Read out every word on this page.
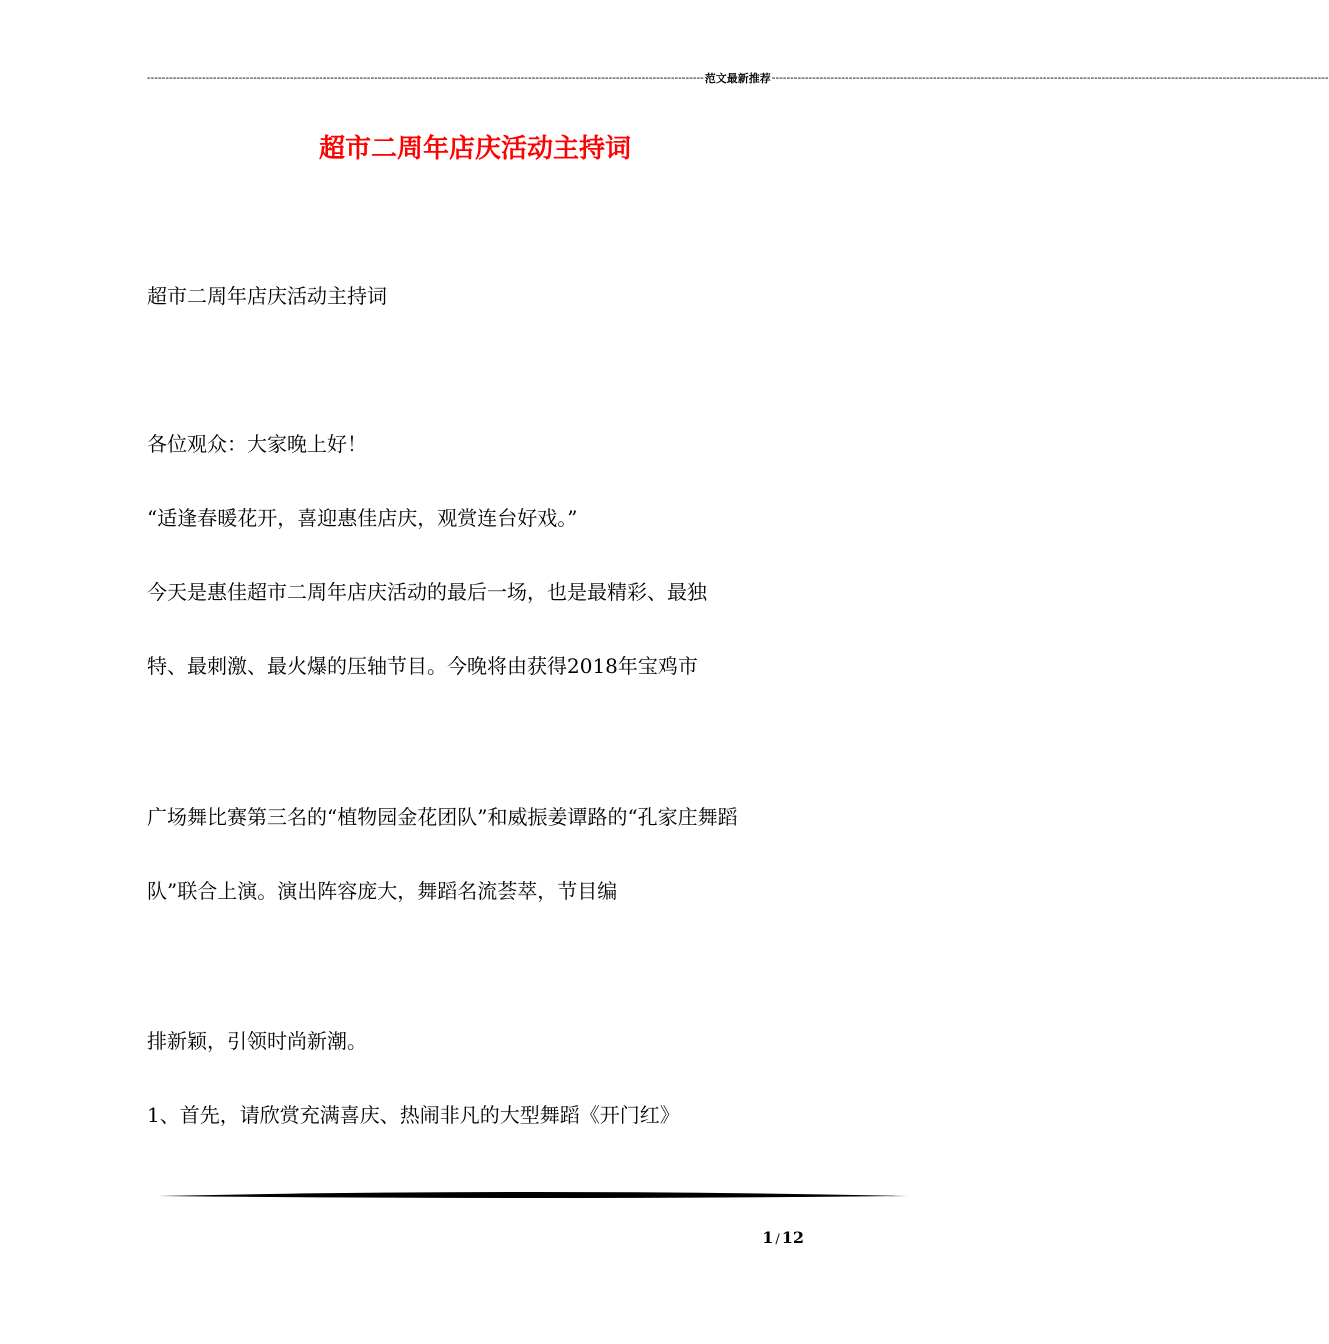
-------------------------------------------------------------------------------------------------------------------------------------------------------- 范文最新推荐 --------------------------------------------------------------------------------------------------------------------------------------------------------
超市二周年店庆活动主持词

超市二周年店庆活动主持词

各位观众：大家晚上好！

“适逢春暖花开，喜迎惠佳店庆，观赏连台好戏。”

今天是惠佳超市二周年店庆活动的最后一场，也是最精彩、最独

特、最刺激、最火爆的压轴节目。今晚将由获得2018年宝鸡市

广场舞比赛第三名的“植物园金花团队”和威振姜谭路的“孔家庄舞蹈

队”联合上演。演出阵容庞大，舞蹈名流荟萃，节目编

排新颖，引领时尚新潮。

1、首先，请欣赏充满喜庆、热闹非凡的大型舞蹈《开门红》

1 / 12
